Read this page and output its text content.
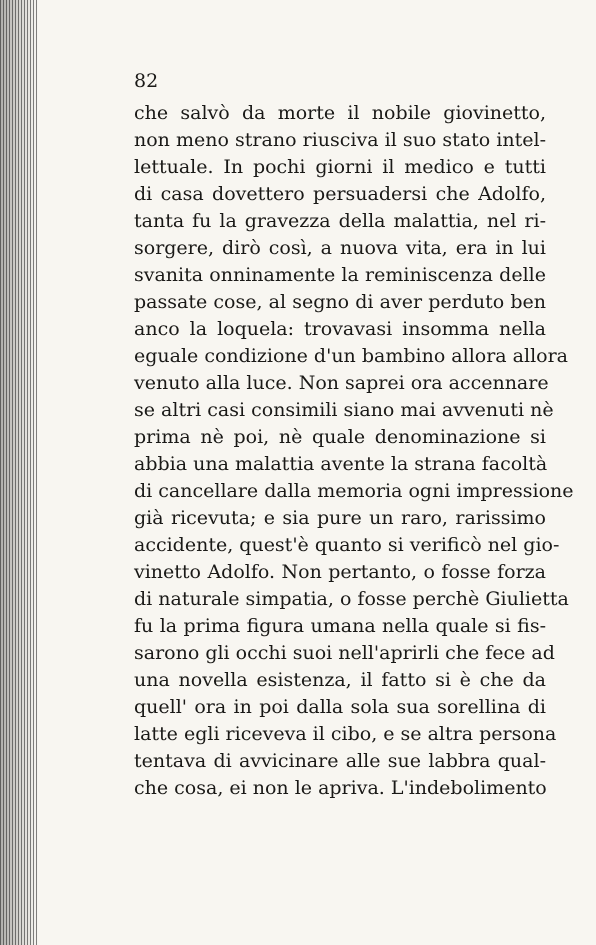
82
che salvò da morte il nobile giovinetto,
non meno strano riusciva il suo stato intel-
lettuale. In pochi giorni il medico e tutti
di casa dovettero persuadersi che Adolfo,
tanta fu la gravezza della malattia, nel ri-
sorgere, dirò così, a nuova vita, era in lui
svanita onninamente la reminiscenza delle
passate cose, al segno di aver perduto ben
anco la loquela: trovavasi insomma nella
eguale condizione d'un bambino allora allora
venuto alla luce. Non saprei ora accennare
se altri casi consimili siano mai avvenuti nè
prima nè poi, nè quale denominazione si
abbia una malattia avente la strana facoltà
di cancellare dalla memoria ogni impressione
già ricevuta; e sia pure un raro, rarissimo
accidente, quest'è quanto si verificò nel gio-
vinetto Adolfo. Non pertanto, o fosse forza
di naturale simpatia, o fosse perchè Giulietta
fu la prima figura umana nella quale si fis-
sarono gli occhi suoi nell'aprirli che fece ad
una novella esistenza, il fatto si è che da
quell' ora in poi dalla sola sua sorellina di
latte egli riceveva il cibo, e se altra persona
tentava di avvicinare alle sue labbra qual-
che cosa, ei non le apriva. L'indebolimento
